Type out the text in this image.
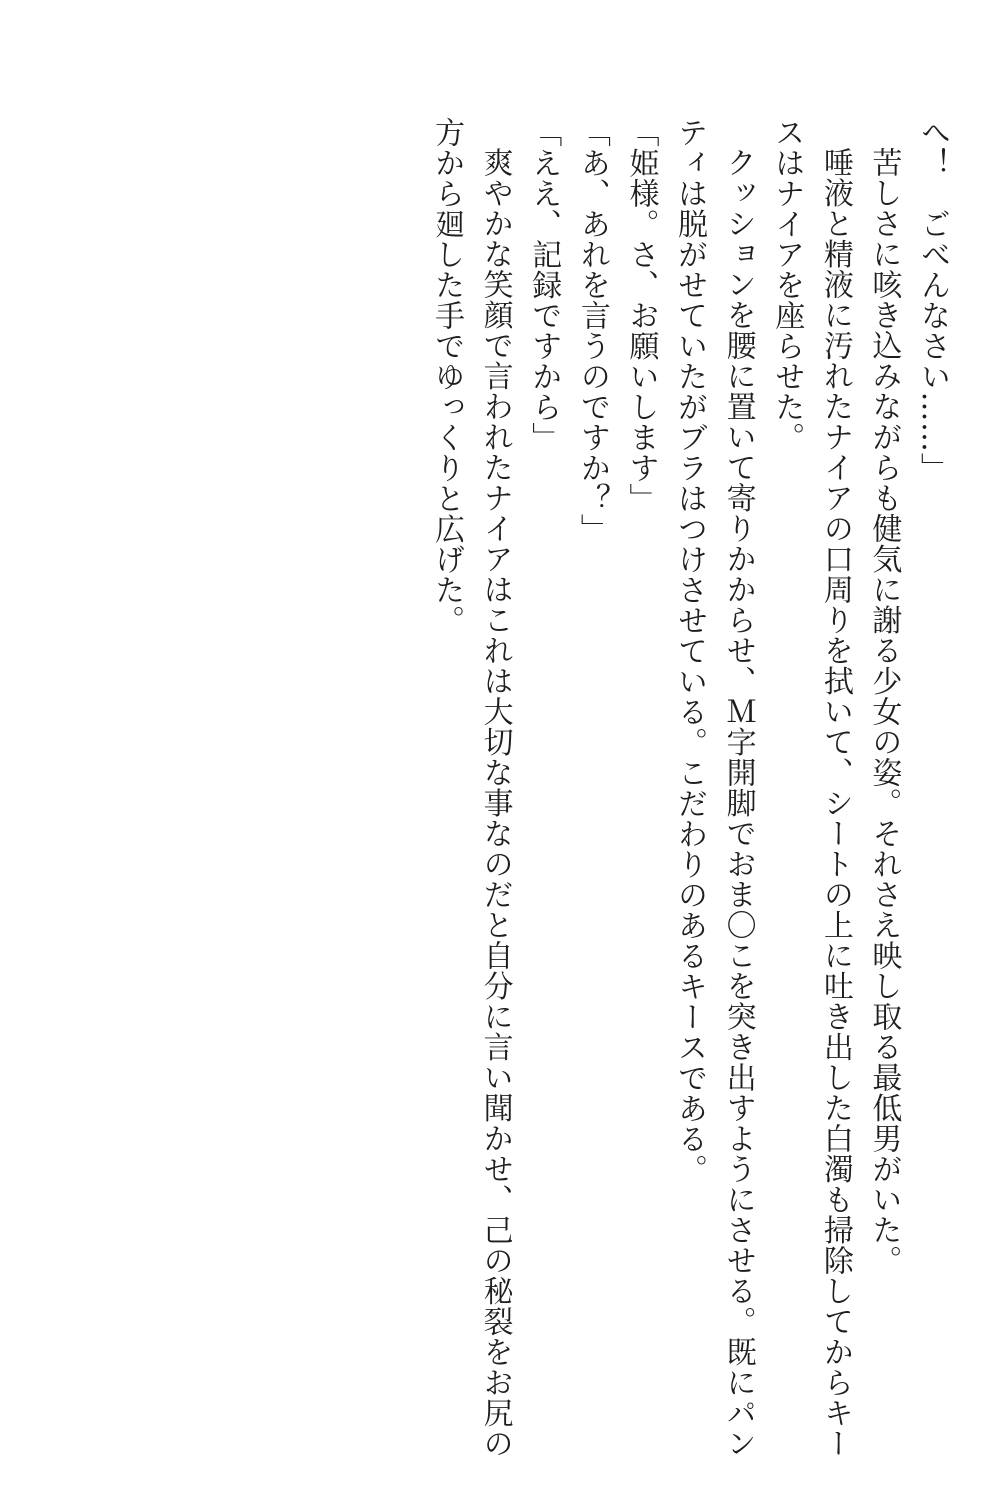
へ！　ごべんなさい……」

苦しさに咳き込みながらも健気に謝る少女の姿。それさえ映し取る最低男がいた。

唾液と精液に汚れたナイアの口周りを拭いて、シートの上に吐き出した白濁も掃除してからキースはナイアを座らせた。

クッションを腰に置いて寄りかからせ、Ｍ字開脚でおま〇こを突き出すようにさせる。既にパンティは脱がせていたがブラはつけさせている。こだわりのあるキースである。

「姫様。さ、お願いします」

「あ、あれを言うのですか？」

「ええ、記録ですから」

爽やかな笑顔で言われたナイアはこれは大切な事なのだと自分に言い聞かせ、己の秘裂をお尻の方から廻した手でゆっくりと広げた。
